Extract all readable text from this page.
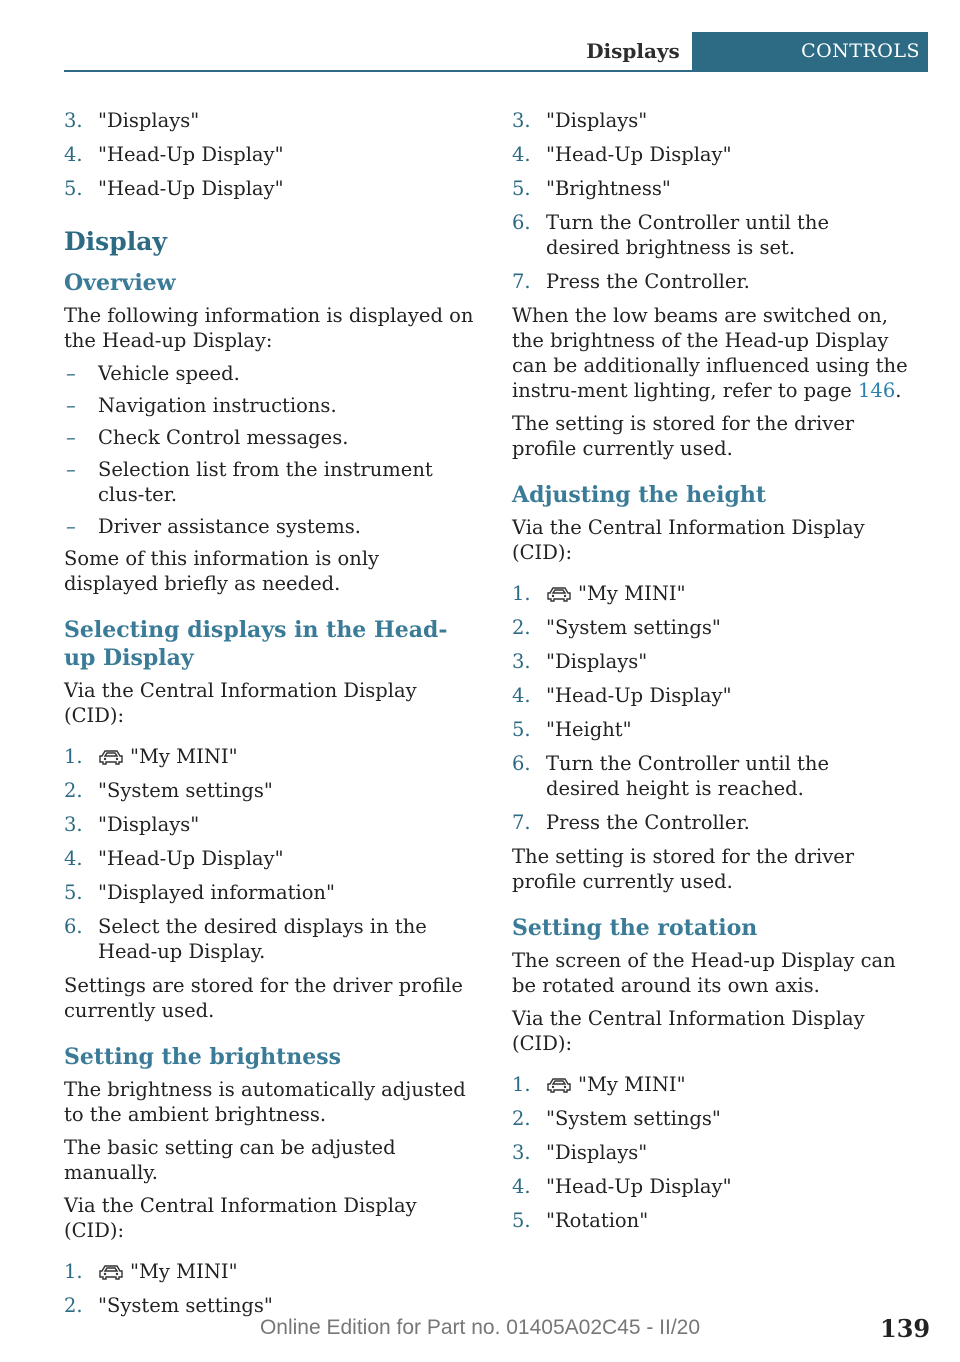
Displays	CONTROLS
3. "Displays"
4. "Head-Up Display"
5. "Head-Up Display"
Display
Overview

The following information is displayed on the Head-up Display:

– Vehicle speed.
– Navigation instructions.
– Check Control messages.
– Selection list from the instrument clus‐ter.
– Driver assistance systems.

Some of this information is only displayed briefly as needed.

Selecting displays in the Head-up Display

Via the Central Information Display (CID):

1. "My MINI"
2. "System settings"
3. "Displays"
4. "Head-Up Display"
5. "Displayed information"
6. Select the desired displays in the Head-up Display.

Settings are stored for the driver profile currently used.

Setting the brightness

The brightness is automatically adjusted to the ambient brightness.

The basic setting can be adjusted manually.

Via the Central Information Display (CID):

1. "My MINI"
2. "System settings"
3. "Displays"
4. "Head-Up Display"
5. "Brightness"
6. Turn the Controller until the desired brightness is set.
7. Press the Controller.

When the low beams are switched on, the brightness of the Head-up Display can be additionally influenced using the instru‐ment lighting, refer to page 146.

The setting is stored for the driver profile currently used.

Adjusting the height

Via the Central Information Display (CID):

1. "My MINI"
2. "System settings"
3. "Displays"
4. "Head-Up Display"
5. "Height"
6. Turn the Controller until the desired height is reached.
7. Press the Controller.

The setting is stored for the driver profile currently used.

Setting the rotation

The screen of the Head-up Display can be rotated around its own axis.

Via the Central Information Display (CID):

1. "My MINI"
2. "System settings"
3. "Displays"
4. "Head-Up Display"
5. "Rotation"
Online Edition for Part no. 01405A02C45 - II/20	139
